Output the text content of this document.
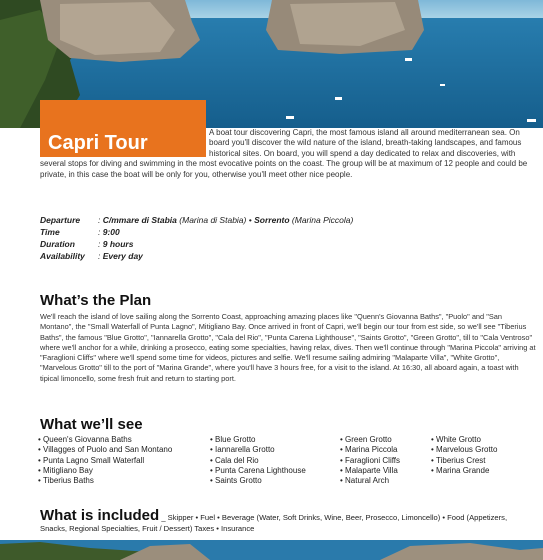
Capri Tour	A boat tour discovering Capri, the most famous island all around mediterranean sea. On board you'll discover the wild nature of the island, breath-taking landscapes, and famous historical sites. On board, you will spend a day dedicated to relax and discoveries, with several stops for diving and swimming in the most evocative points on the coast. The group will be at maximum of 12 people and could be private, in this case the boat will be only for you, otherwise you'll meet other nice people.
Departure	: C/mmare di Stabia (Marina di Stabia) • Sorrento (Marina Piccola)
Time	: 9:00
Duration	: 9 hours
Availability	: Every day
What’s the Plan
We'll reach the island of love sailing along the Sorrento Coast, approaching amazing places like "Quenn's Giovanna Baths", "Puolo" and "San Montano", the "Small Waterfall of Punta Lagno", Mitigliano Bay. Once arrived in front of Capri, we'll begin our tour from est side, so we'll see "Tiberius Baths", the famous "Blue Grotto", "Iannarella Grotto", "Cala del Rio", "Punta Carena Lighthouse", "Saints Grotto", "Green Grotto", till to "Cala Ventroso" where we'll anchor for a while, drinking a prosecco, eating some specialties, having relax, dives. Then we'll continue through "Marina Piccola" arriving at "Faraglioni Cliffs" where we'll spend some time for videos, pictures and selfie. We'll resume sailing admiring "Malaparte Villa", "White Grotto", "Marvelous Grotto" till to the port of "Marina Grande", where you'll have 3 hours free, for a visit to the island. At 16:30, all aboard again, a toast with tipical limoncello, some fresh fruit and return to starting port.
What we’ll see
• Queen's Giovanna Baths
• Villagges of Puolo and San Montano
• Punta Lagno Small Waterfall
• Mitigliano Bay
• Tiberius Baths
• Blue Grotto
• Iannarella Grotto
• Cala del Rio
• Punta Carena Lighthouse
• Saints Grotto
• Green Grotto
• Marina Piccola
• Faraglioni Cliffs
• Malaparte Villa
• Natural Arch
• White Grotto
• Marvelous Grotto
• Tiberius Crest
• Marina Grande
What is included _ Skipper • Fuel • Beverage (Water, Soft Drinks, Wine, Beer, Prosecco, Limoncello) • Food (Appetizers, Snacks, Regional Specialties, Fruit / Dessert) Taxes • Insurance
